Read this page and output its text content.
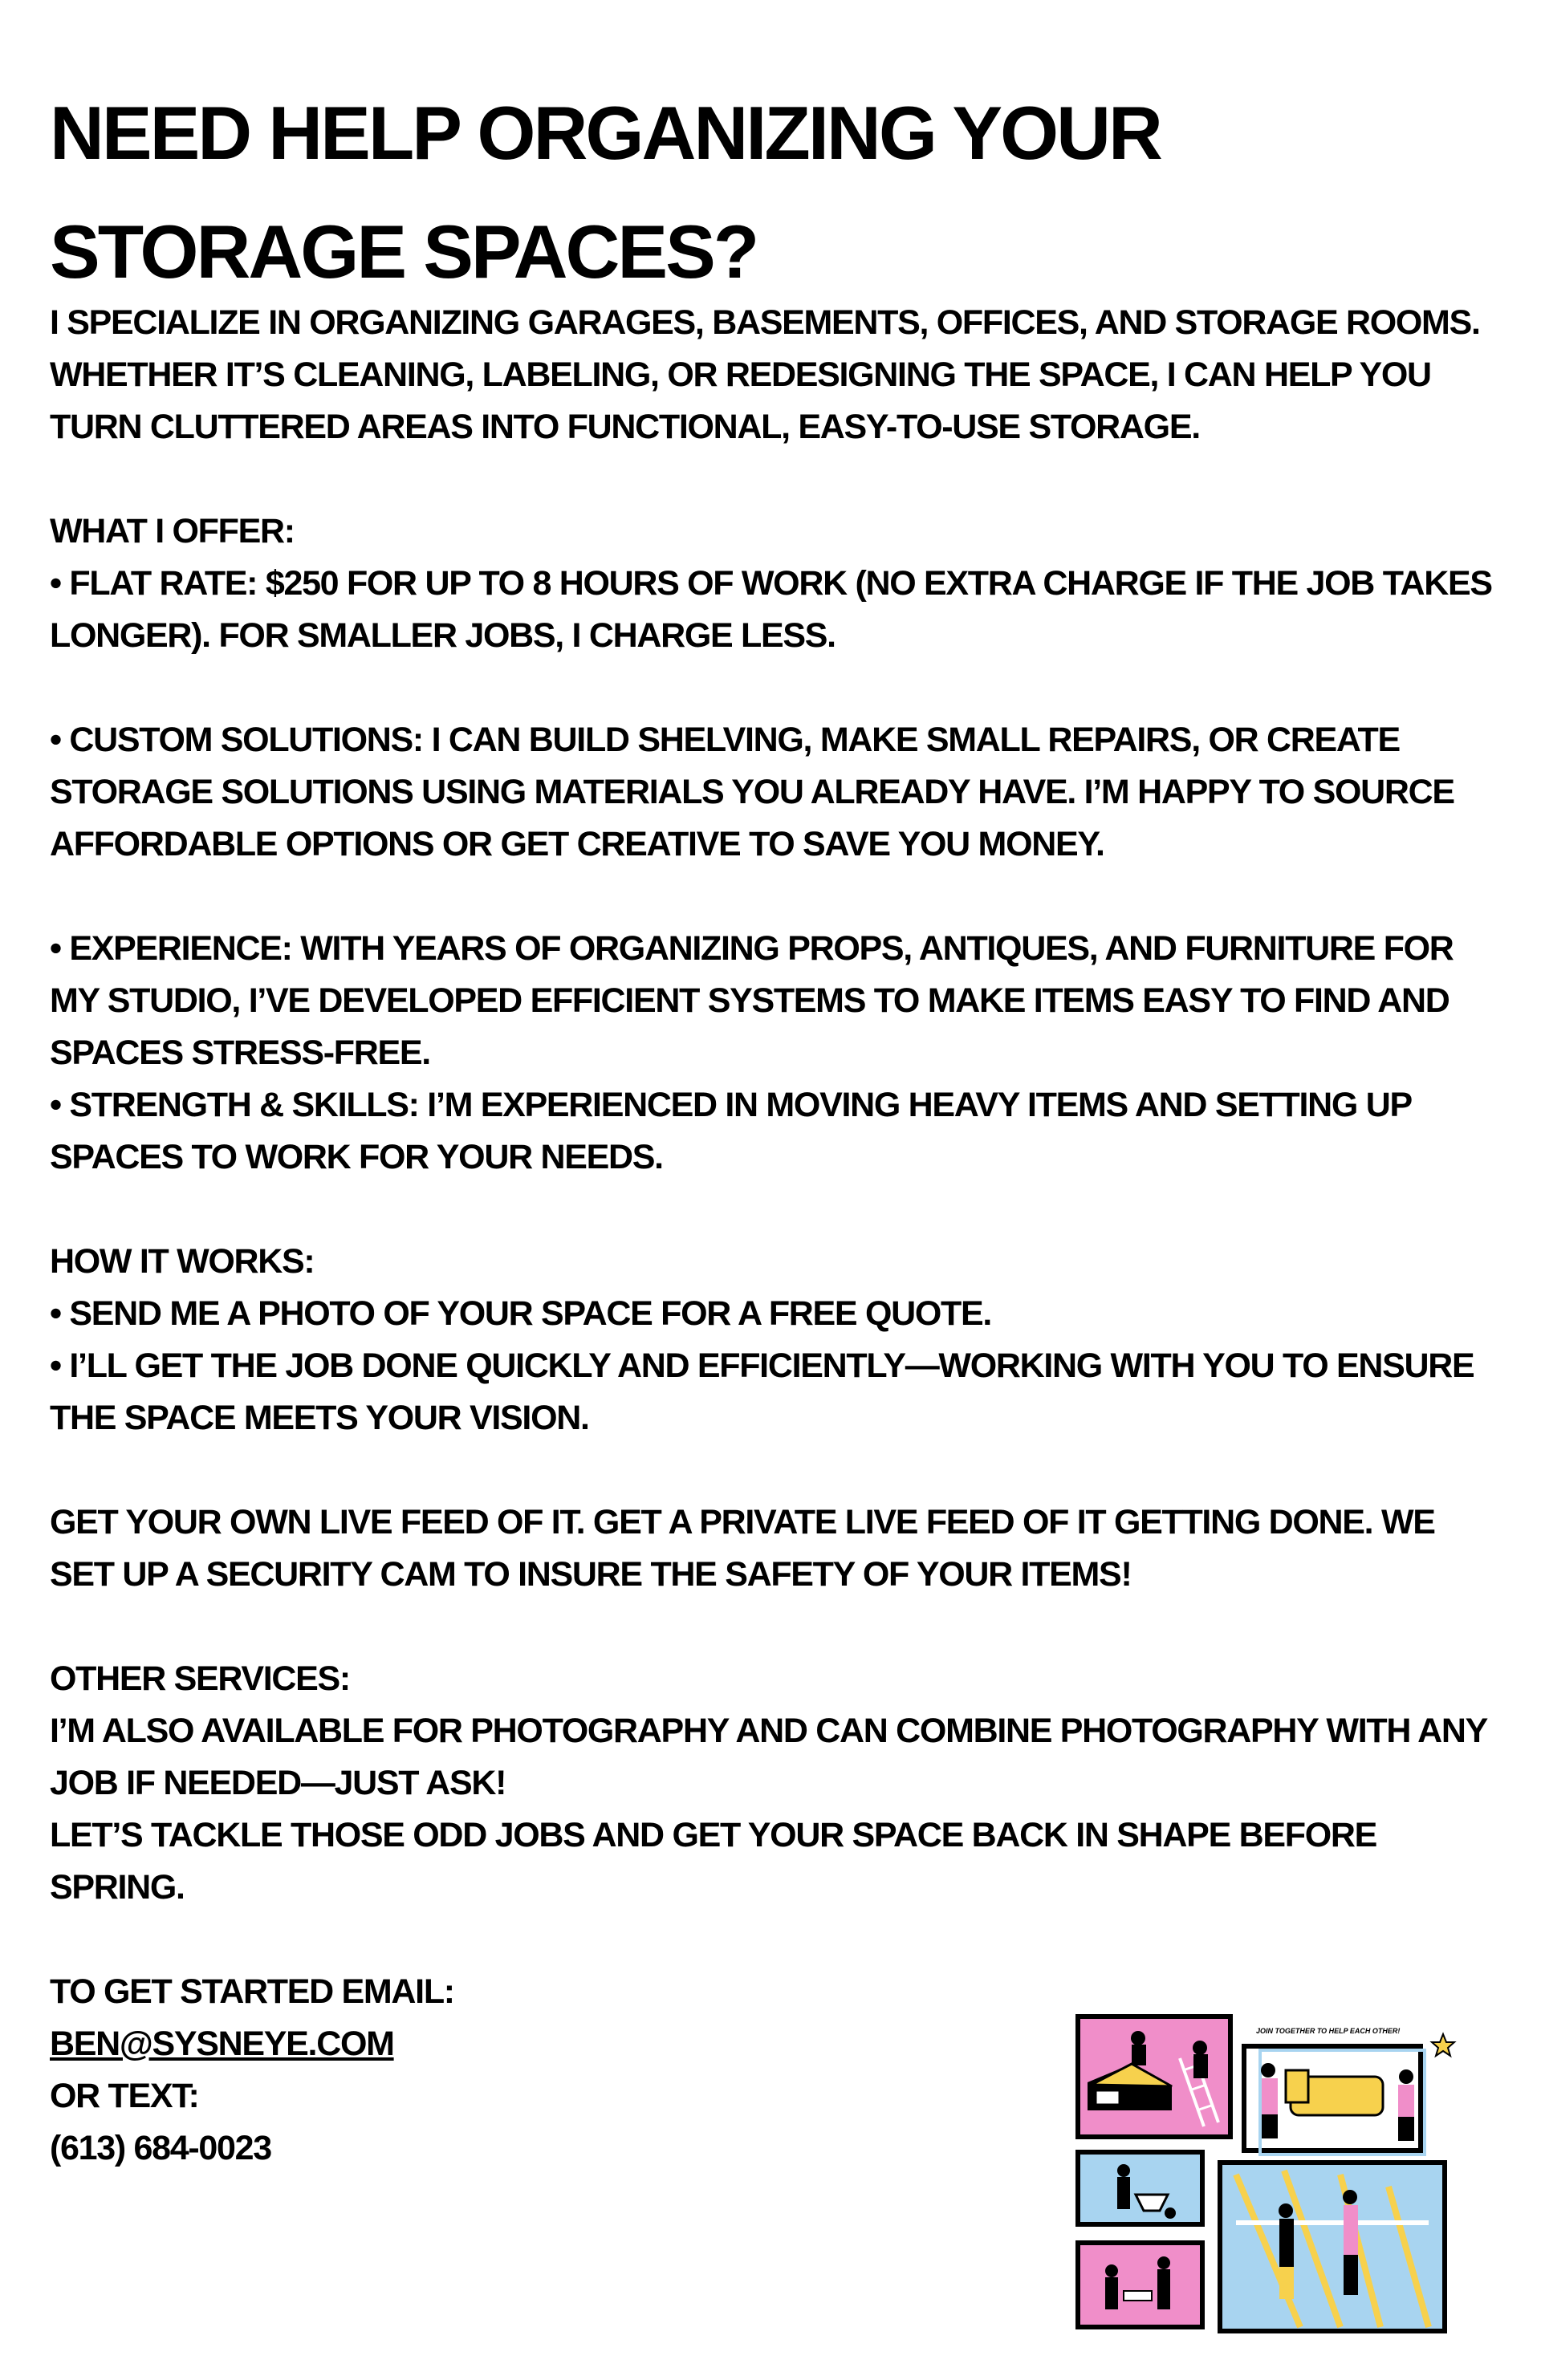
NEED HELP ORGANIZING YOUR
STORAGE SPACES?

I SPECIALIZE IN ORGANIZING GARAGES, BASEMENTS, OFFICES, AND STORAGE ROOMS. WHETHER IT’S CLEANING, LABELING, OR REDESIGNING THE SPACE, I CAN HELP YOU TURN CLUTTERED AREAS INTO FUNCTIONAL, EASY-TO-USE STORAGE.

WHAT I OFFER:

• FLAT RATE: $250 FOR UP TO 8 HOURS OF WORK (NO EXTRA CHARGE IF THE JOB TAKES LONGER). FOR SMALLER JOBS, I CHARGE LESS.

• CUSTOM SOLUTIONS: I CAN BUILD SHELVING, MAKE SMALL REPAIRS, OR CREATE STORAGE SOLUTIONS USING MATERIALS YOU ALREADY HAVE. I’M HAPPY TO SOURCE AFFORDABLE OPTIONS OR GET CREATIVE TO SAVE YOU MONEY.

• EXPERIENCE: WITH YEARS OF ORGANIZING PROPS, ANTIQUES, AND FURNITURE FOR MY STUDIO, I’VE DEVELOPED EFFICIENT SYSTEMS TO MAKE ITEMS EASY TO FIND AND SPACES STRESS-FREE.

• STRENGTH & SKILLS: I’M EXPERIENCED IN MOVING HEAVY ITEMS AND SETTING UP SPACES TO WORK FOR YOUR NEEDS.

HOW IT WORKS:

• SEND ME A PHOTO OF YOUR SPACE FOR A FREE QUOTE.

• I’LL GET THE JOB DONE QUICKLY AND EFFICIENTLY—WORKING WITH YOU TO ENSURE THE SPACE MEETS YOUR VISION.

GET YOUR OWN LIVE FEED OF IT. GET A PRIVATE LIVE FEED OF IT GETTING DONE. WE SET UP A SECURITY CAM TO INSURE THE SAFETY OF YOUR ITEMS!

OTHER SERVICES:

I’M ALSO AVAILABLE FOR PHOTOGRAPHY AND CAN COMBINE PHOTOGRAPHY WITH ANY JOB IF NEEDED—JUST ASK!

LET’S TACKLE THOSE ODD JOBS AND GET YOUR SPACE BACK IN SHAPE BEFORE SPRING.

TO GET STARTED EMAIL:

BEN@SYSNEYE.COM

OR TEXT:

(613) 684-0023

JOIN TOGETHER TO HELP EACH OTHER!
